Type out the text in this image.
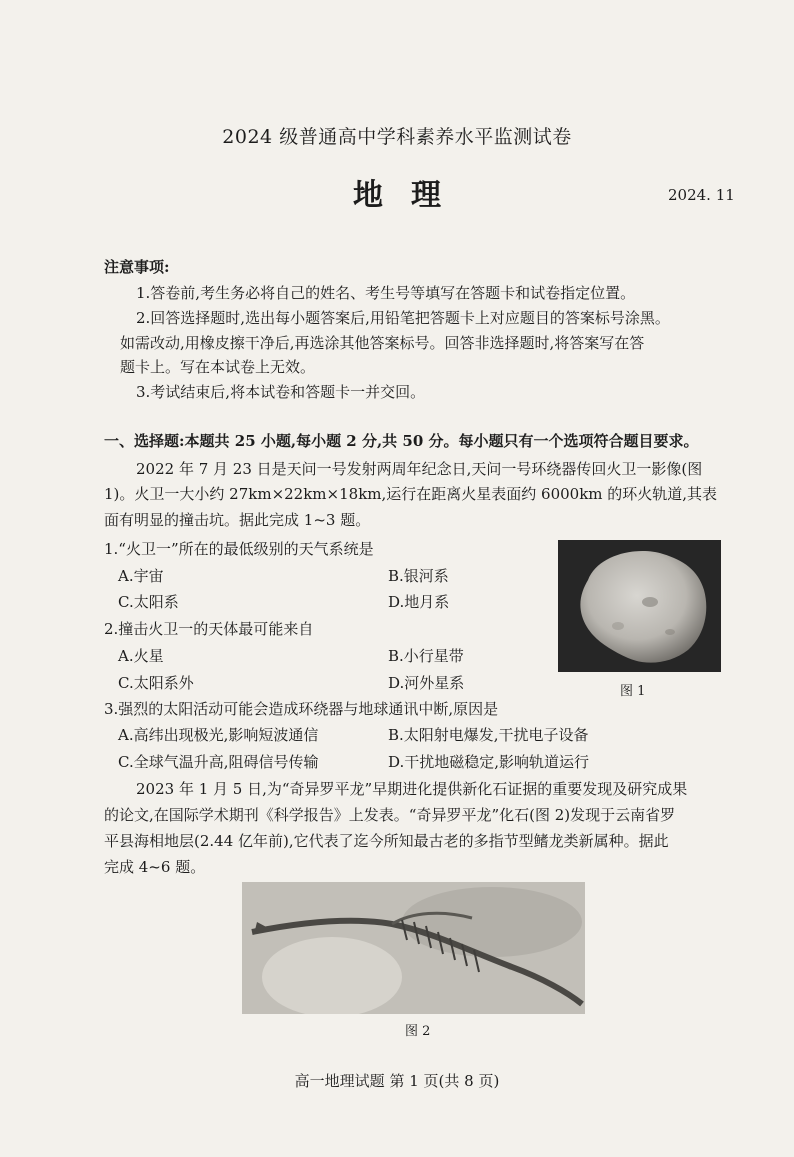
2024 级普通高中学科素养水平监测试卷
地理	2024. 11
注意事项:
1.答卷前,考生务必将自己的姓名、考生号等填写在答题卡和试卷指定位置。
2.回答选择题时,选出每小题答案后,用铅笔把答题卡上对应题目的答案标号涂黑。
如需改动,用橡皮擦干净后,再选涂其他答案标号。回答非选择题时,将答案写在答
题卡上。写在本试卷上无效。
3.考试结束后,将本试卷和答题卡一并交回。
一、选择题:本题共 25 小题,每小题 2 分,共 50 分。每小题只有一个选项符合题目要求。
2022 年 7 月 23 日是天问一号发射两周年纪念日,天问一号环绕器传回火卫一影像(图
1)。火卫一大小约 27km×22km×18km,运行在距离火星表面约 6000km 的环火轨道,其表
面有明显的撞击坑。据此完成 1~3 题。
1.“火卫一”所在的最低级别的天气系统是
A.宇宙	B.银河系
C.太阳系	D.地月系
2.撞击火卫一的天体最可能来自
A.火星	B.小行星带
C.太阳系外	D.河外星系	图 1
3.强烈的太阳活动可能会造成环绕器与地球通讯中断,原因是
A.高纬出现极光,影响短波通信	B.太阳射电爆发,干扰电子设备
C.全球气温升高,阻碍信号传输	D.干扰地磁稳定,影响轨道运行
2023 年 1 月 5 日,为“奇异罗平龙”早期进化提供新化石证据的重要发现及研究成果
的论文,在国际学术期刊《科学报告》上发表。“奇异罗平龙”化石(图 2)发现于云南省罗
平县海相地层(2.44 亿年前),它代表了迄今所知最古老的多指节型鳍龙类新属种。据此
完成 4~6 题。
图 2
高一地理试题 第 1 页(共 8 页)
